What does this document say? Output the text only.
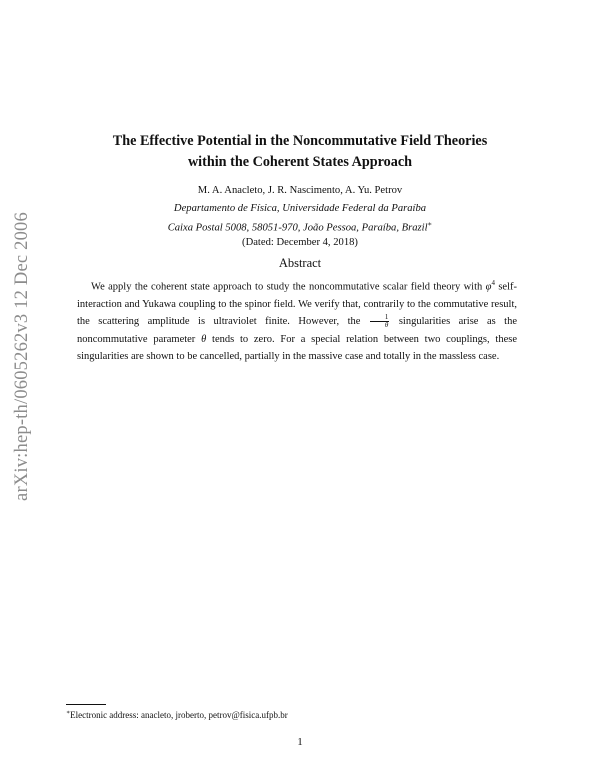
arXiv:hep-th/0605262v3 12 Dec 2006
The Effective Potential in the Noncommutative Field Theories
within the Coherent States Approach
M. A. Anacleto, J. R. Nascimento, A. Yu. Petrov
Departamento de Física, Universidade Federal da Paraíba
Caixa Postal 5008, 58051-970, João Pessoa, Paraíba, Brazil∗
(Dated: December 4, 2018)
Abstract
We apply the coherent state approach to study the noncommutative scalar field theory with $\varphi^4$ self-interaction and Yukawa coupling to the spinor field. We verify that, contrarily to the commutative result, the scattering amplitude is ultraviolet finite. However, the $\frac{1}{\theta}$ singularities arise as the noncommutative parameter θ tends to zero. For a special relation between two couplings, these singularities are shown to be cancelled, partially in the massive case and totally in the massless case.
∗Electronic address: anacleto, jroberto, petrov@fisica.ufpb.br
1
